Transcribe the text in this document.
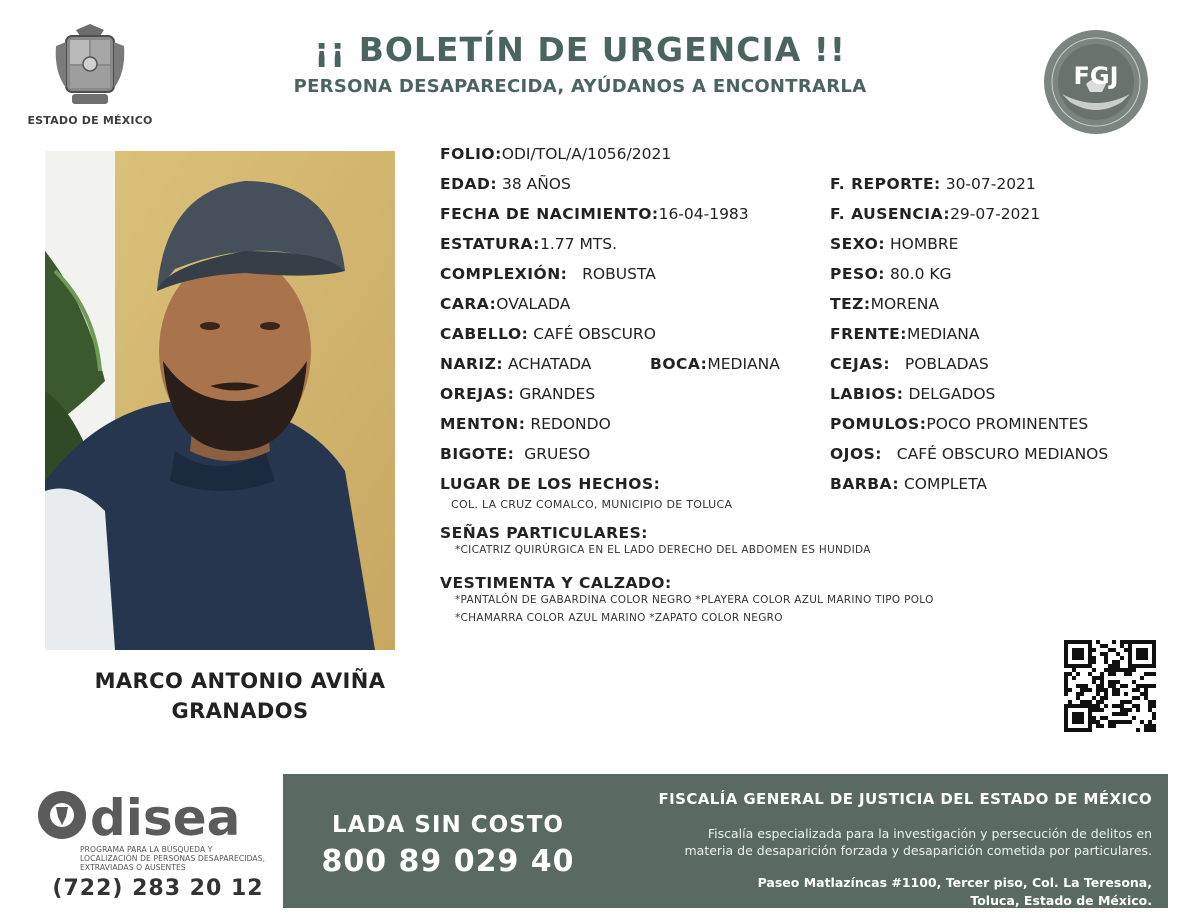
ESTADO DE MÉXICO
¡¡ BOLETÍN DE URGENCIA !!
PERSONA DESAPARECIDA, AYÚDANOS A ENCONTRARLA	FGJ
MARCO ANTONIO AVIÑA
GRANADOS
FOLIO:ODI/TOL/A/1056/2021
EDAD: 38 AÑOS
FECHA DE NACIMIENTO:16-04-1983
ESTATURA:1.77 MTS.
COMPLEXIÓN: ROBUSTA
CARA:OVALADA
CABELLO: CAFÉ OBSCURO
NARIZ: ACHATADA	BOCA:MEDIANA
OREJAS: GRANDES
MENTON: REDONDO
BIGOTE: GRUESO
LUGAR DE LOS HECHOS:
COL. LA CRUZ COMALCO, MUNICIPIO DE TOLUCA
F. REPORTE: 30-07-2021
F. AUSENCIA:29-07-2021
SEXO: HOMBRE
PESO: 80.0 KG
TEZ:MORENA
FRENTE:MEDIANA
CEJAS: POBLADAS
LABIOS: DELGADOS
POMULOS:POCO PROMINENTES
OJOS: CAFÉ OBSCURO MEDIANOS
BARBA: COMPLETA
SEÑAS PARTICULARES:
*CICATRIZ QUIRÚRGICA EN EL LADO DERECHO DEL ABDOMEN ES HUNDIDA
VESTIMENTA Y CALZADO:
*PANTALÓN DE GABARDINA COLOR NEGRO *PLAYERA COLOR AZUL MARINO TIPO POLO
*CHAMARRA COLOR AZUL MARINO *ZAPATO COLOR NEGRO
disea
PROGRAMA PARA LA BÚSQUEDA Y LOCALIZACIÓN DE PERSONAS DESAPARECIDAS, EXTRAVIADAS O AUSENTES
(722) 283 20 12
LADA SIN COSTO
800 89 029 40
FISCALÍA GENERAL DE JUSTICIA DEL ESTADO DE MÉXICO
Fiscalía especializada para la investigación y persecución de delitos en
materia de desaparición forzada y desaparición cometida por particulares.
Paseo Matlazíncas #1100, Tercer piso, Col. La Teresona,
Toluca, Estado de México.
